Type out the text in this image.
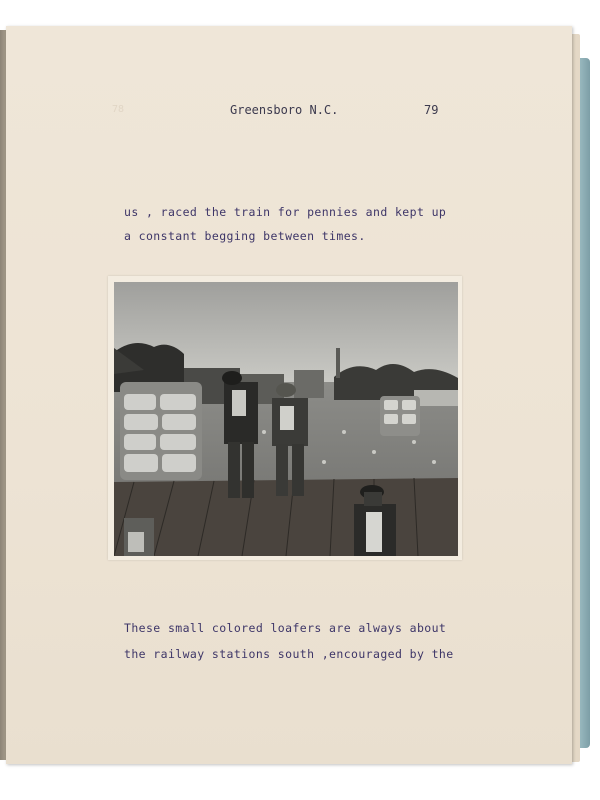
78	Greensboro N.C.	79
us , raced the train for pennies and kept up
a constant begging between times.
These small colored loafers are always about
the railway stations south ,encouraged by the
